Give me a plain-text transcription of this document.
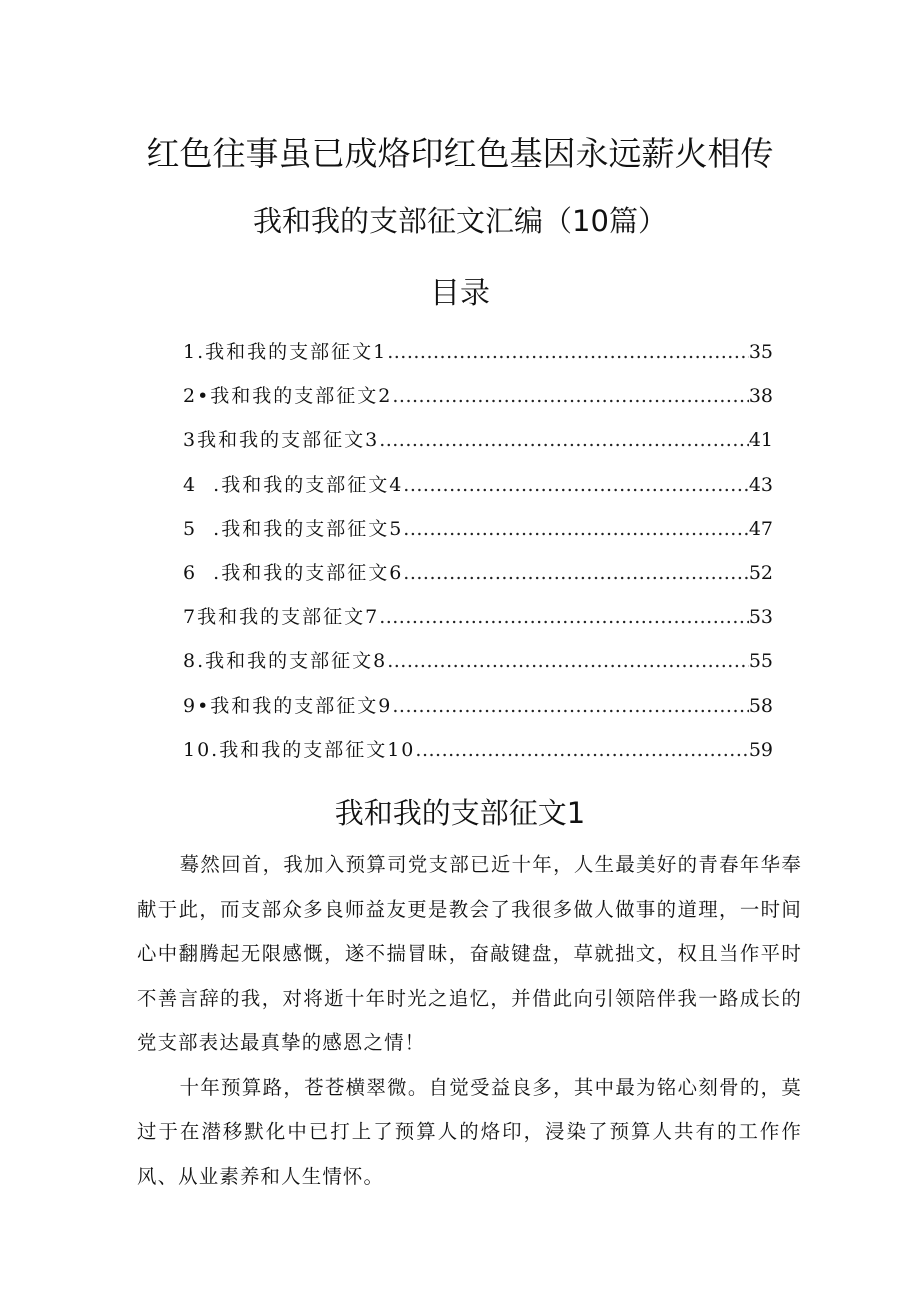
红色往事虽已成烙印红色基因永远薪火相传
我和我的支部征文汇编（10篇）
目录
1.我和我的支部征文1 .....	35
2•我和我的支部征文2 .....	38
3我和我的支部征文3 .....	41
4  .我和我的支部征文4 .....	43
5  .我和我的支部征文5 .....	47
6  .我和我的支部征文6 .....	52
7我和我的支部征文7 .....	53
8.我和我的支部征文8 .....	55
9•我和我的支部征文9 .....	58
10.我和我的支部征文10 .....	59
我和我的支部征文1

蓦然回首，我加入预算司党支部已近十年，人生最美好的青春年华奉献于此，而支部众多良师益友更是教会了我很多做人做事的道理，一时间心中翻腾起无限感慨，遂不揣冒昧，奋敲键盘，草就拙文，权且当作平时不善言辞的我，对将逝十年时光之追忆，并借此向引领陪伴我一路成长的党支部表达最真挚的感恩之情！

十年预算路，苍苍横翠微。自觉受益良多，其中最为铭心刻骨的，莫过于在潜移默化中已打上了预算人的烙印，浸染了预算人共有的工作作风、从业素养和人生情怀。
